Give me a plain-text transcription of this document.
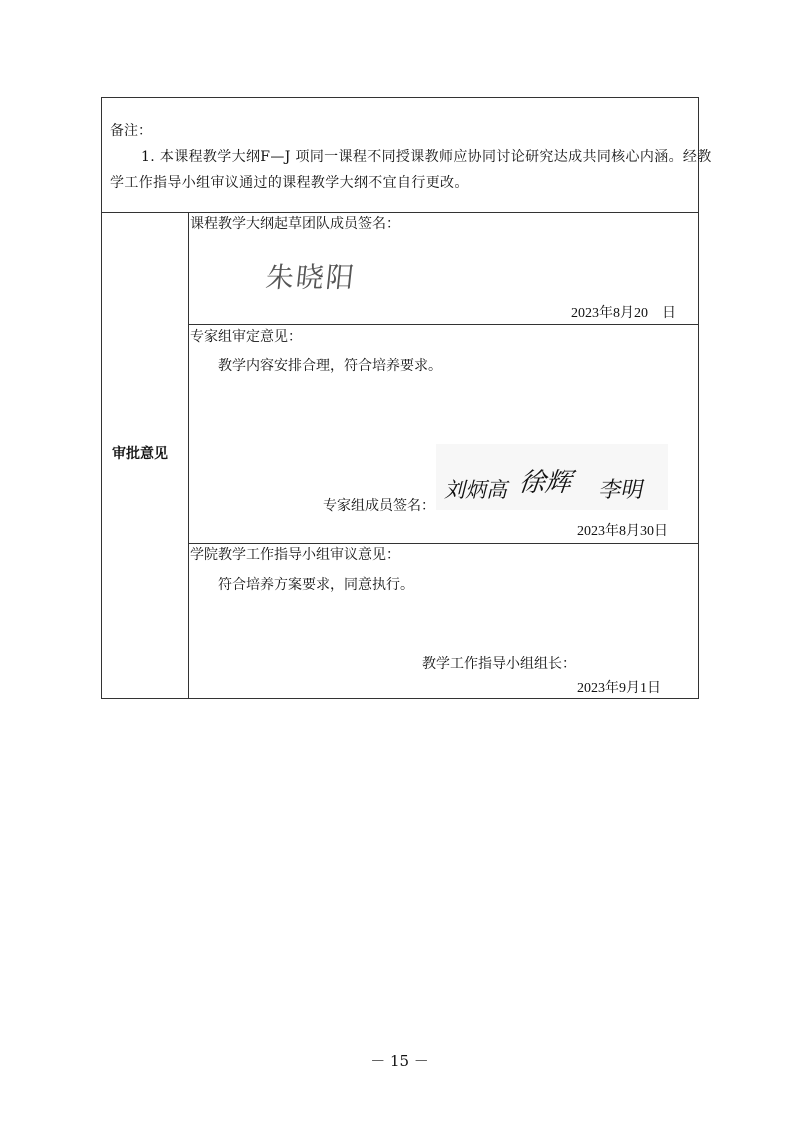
备注：
1. 本课程教学大纲F—J 项同一课程不同授课教师应协同讨论研究达成共同核心内涵。经教
学工作指导小组审议通过的课程教学大纲不宜自行更改。
审批意见
课程教学大纲起草团队成员签名：
朱晓阳
2023年8月20　日
专家组审定意见：
教学内容安排合理，符合培养要求。
刘炳高 徐辉 李明
专家组成员签名：
2023年8月30日
学院教学工作指导小组审议意见：
符合培养方案要求，同意执行。
教学工作指导小组组长：
2023年9月1日
－ 15 －
